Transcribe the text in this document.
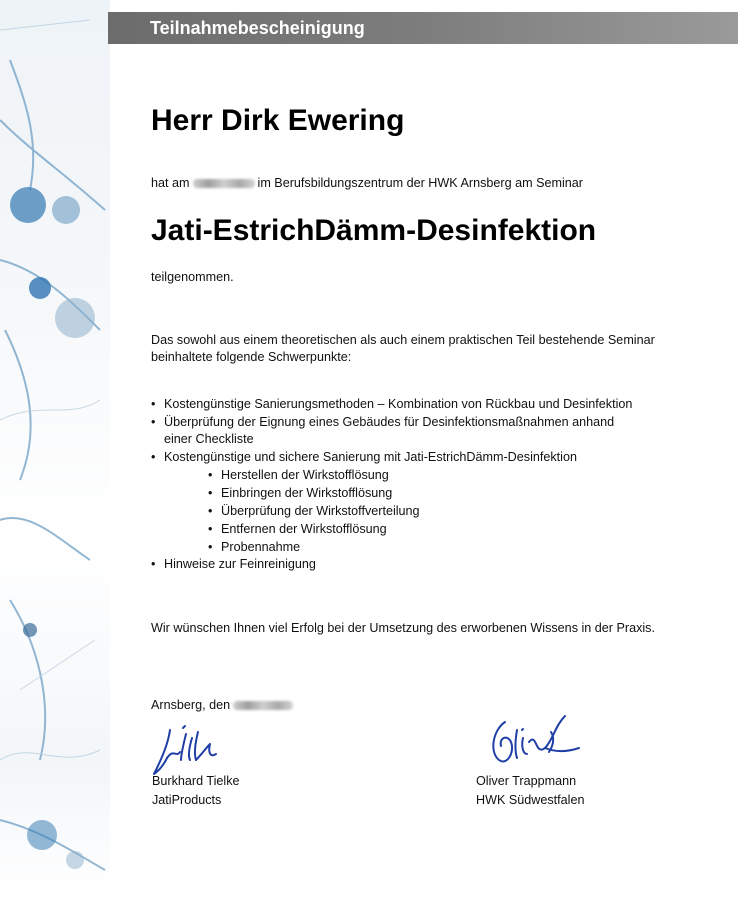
Teilnahmebescheinigung
Herr Dirk Ewering
hat am	im Berufsbildungszentrum der HWK Arnsberg am Seminar
Jati-EstrichDämm-Desinfektion
teilgenommen.
Das sowohl aus einem theoretischen als auch einem praktischen Teil bestehende Seminar
beinhaltete folgende Schwerpunkte:
• Kostengünstige Sanierungsmethoden – Kombination von Rückbau und Desinfektion
• Überprüfung der Eignung eines Gebäudes für Desinfektionsmaßnahmen anhand
einer Checkliste
• Kostengünstige und sichere Sanierung mit Jati-EstrichDämm-Desinfektion
• Herstellen der Wirkstofflösung
• Einbringen der Wirkstofflösung
• Überprüfung der Wirkstoffverteilung
• Entfernen der Wirkstofflösung
• Probennahme
• Hinweise zur Feinreinigung
Wir wünschen Ihnen viel Erfolg bei der Umsetzung des erworbenen Wissens in der Praxis.
Arnsberg, den
Burkhard Tielke
JatiProducts
Oliver Trappmann
HWK Südwestfalen
